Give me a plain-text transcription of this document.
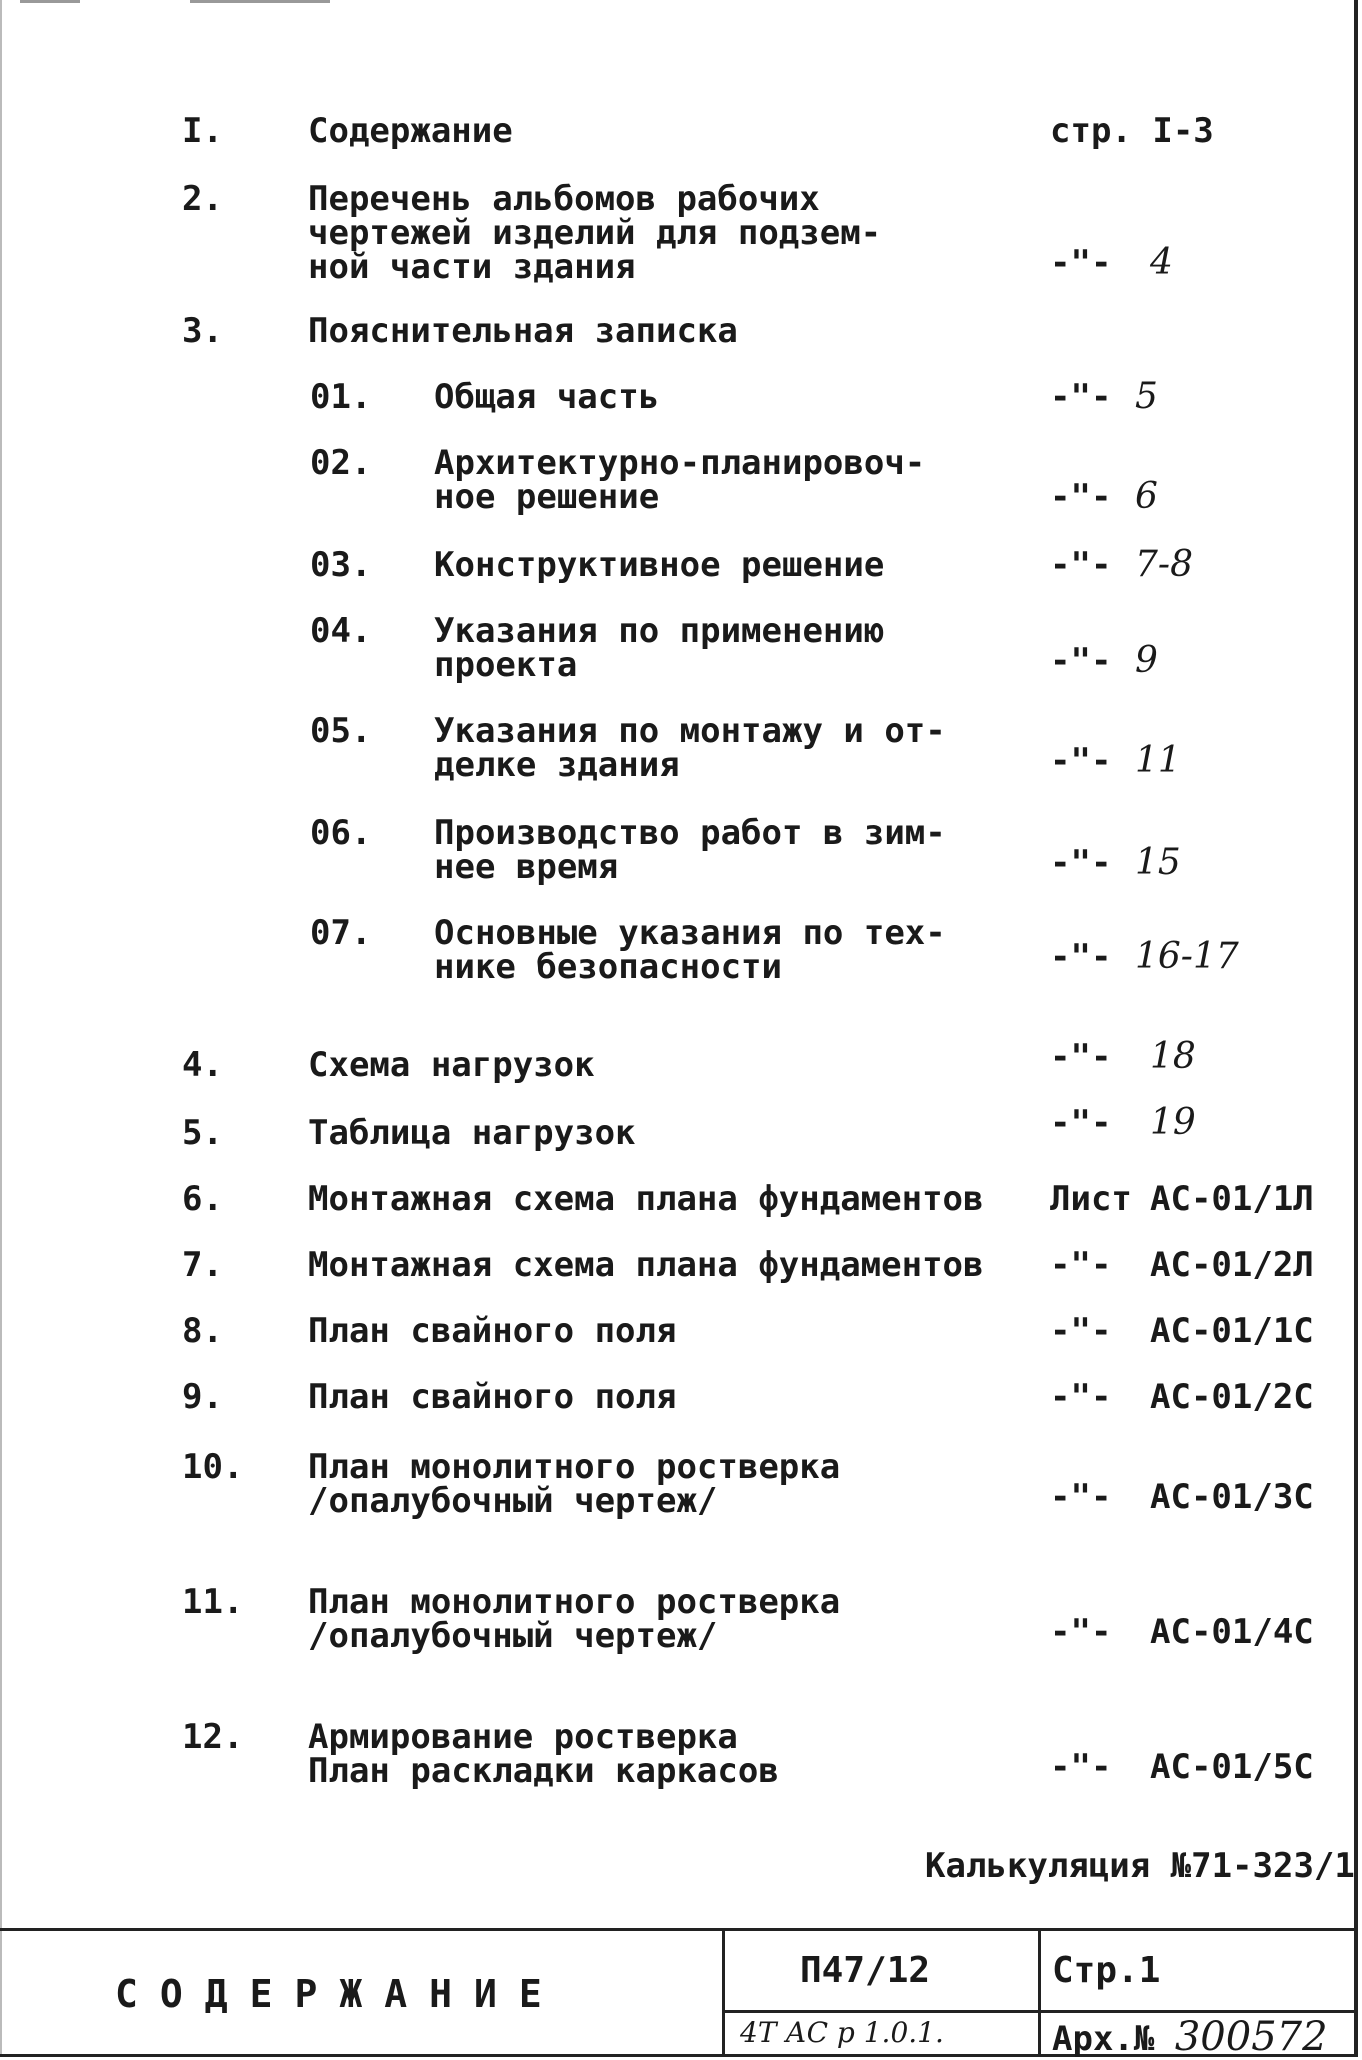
I.	Содержание	стр. I-3
2.	Перечень альбомов рабочих
чертежей изделий для подзем-
ной части здания	-"- 4
3.	Пояснительная записка
01. Общая часть	-"- 5
02. Архитектурно-планировоч-
ное решение	-"- 6
03. Конструктивное решение	-"- 7-8
04. Указания по применению
проекта	-"- 9
05. Указания по монтажу и от-
делке здания	-"- 11
06. Производство работ в зим-
нее время	-"- 15
07. Основные указания по тех-
нике безопасности	-"- 16-17
4.	Схема нагрузок	-"- 18
5.	Таблица нагрузок	-"- 19
6.	Монтажная схема плана фундаментов	Лист АС-01/1Л
7.	Монтажная схема плана фундаментов	-"- АС-01/2Л
8.	План свайного поля	-"- АС-01/1С
9.	План свайного поля	-"- АС-01/2С
10. План монолитного ростверка
/опалубочный чертеж/	-"- АС-01/3С
11. План монолитного ростверка
/опалубочный чертеж/	-"- АС-01/4С
12. Армирование ростверка
План раскладки каркасов	-"- АС-01/5С
Калькуляция №71-323/1
СОДЕРЖАНИЕ
П47/12	Стр.1
4Т АС р 1.0.1.	Арх.№ 300572
